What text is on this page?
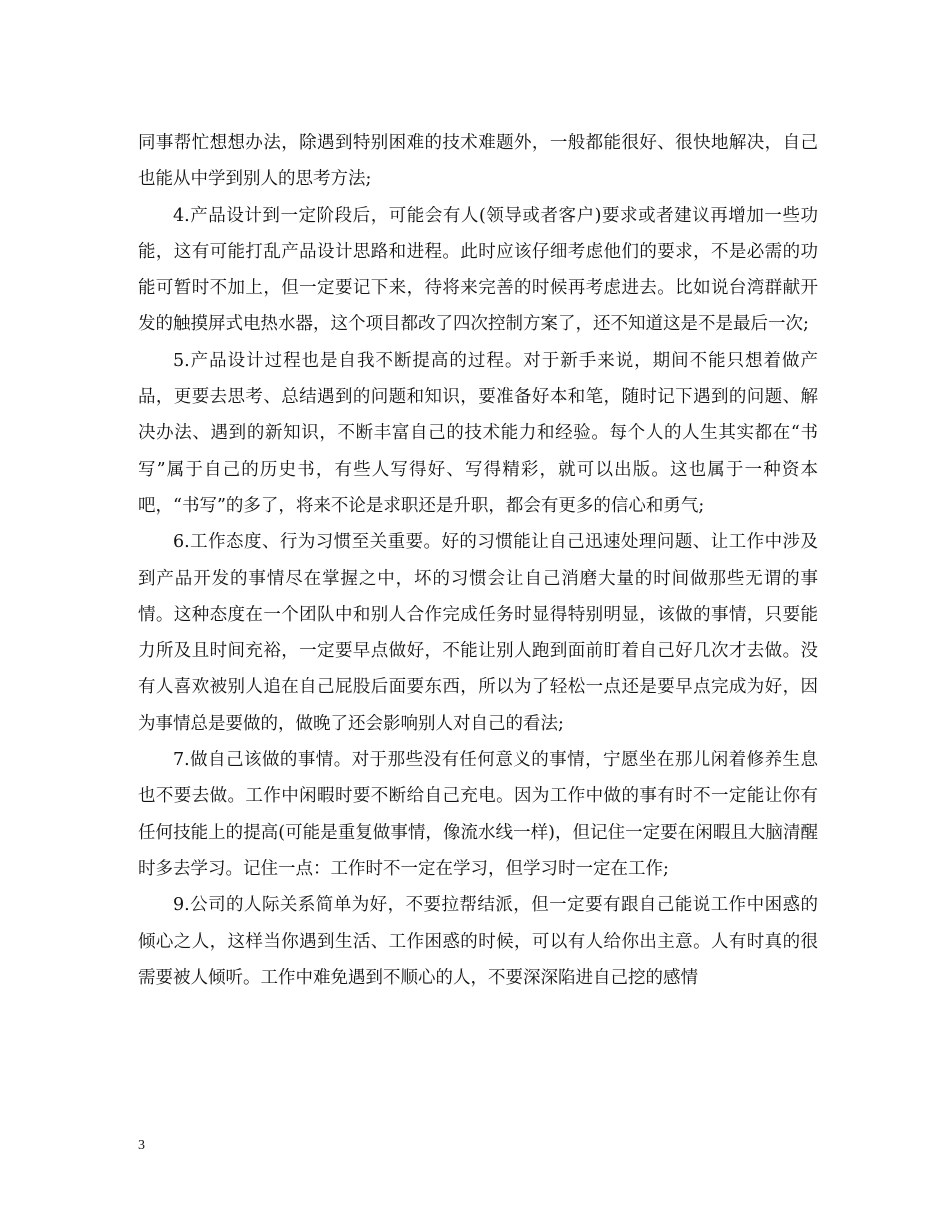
同事帮忙想想办法，除遇到特别困难的技术难题外，一般都能很好、很快地解决，自己也能从中学到别人的思考方法;

4.产品设计到一定阶段后，可能会有人(领导或者客户)要求或者建议再增加一些功能，这有可能打乱产品设计思路和进程。此时应该仔细考虑他们的要求，不是必需的功能可暂时不加上，但一定要记下来，待将来完善的时候再考虑进去。比如说台湾群献开发的触摸屏式电热水器，这个项目都改了四次控制方案了，还不知道这是不是最后一次;

5.产品设计过程也是自我不断提高的过程。对于新手来说，期间不能只想着做产品，更要去思考、总结遇到的问题和知识，要准备好本和笔，随时记下遇到的问题、解决办法、遇到的新知识，不断丰富自己的技术能力和经验。每个人的人生其实都在“书写”属于自己的历史书，有些人写得好、写得精彩，就可以出版。这也属于一种资本吧，“书写”的多了，将来不论是求职还是升职，都会有更多的信心和勇气;

6.工作态度、行为习惯至关重要。好的习惯能让自己迅速处理问题、让工作中涉及到产品开发的事情尽在掌握之中，坏的习惯会让自己消磨大量的时间做那些无谓的事情。这种态度在一个团队中和别人合作完成任务时显得特别明显，该做的事情，只要能力所及且时间充裕，一定要早点做好，不能让别人跑到面前盯着自己好几次才去做。没有人喜欢被别人追在自己屁股后面要东西，所以为了轻松一点还是要早点完成为好，因为事情总是要做的，做晚了还会影响别人对自己的看法;

7.做自己该做的事情。对于那些没有任何意义的事情，宁愿坐在那儿闲着修养生息也不要去做。工作中闲暇时要不断给自己充电。因为工作中做的事有时不一定能让你有任何技能上的提高(可能是重复做事情，像流水线一样)，但记住一定要在闲暇且大脑清醒时多去学习。记住一点：工作时不一定在学习，但学习时一定在工作;

9.公司的人际关系简单为好，不要拉帮结派，但一定要有跟自己能说工作中困惑的倾心之人，这样当你遇到生活、工作困惑的时候，可以有人给你出主意。人有时真的很需要被人倾听。工作中难免遇到不顺心的人，不要深深陷进自己挖的感情

3
